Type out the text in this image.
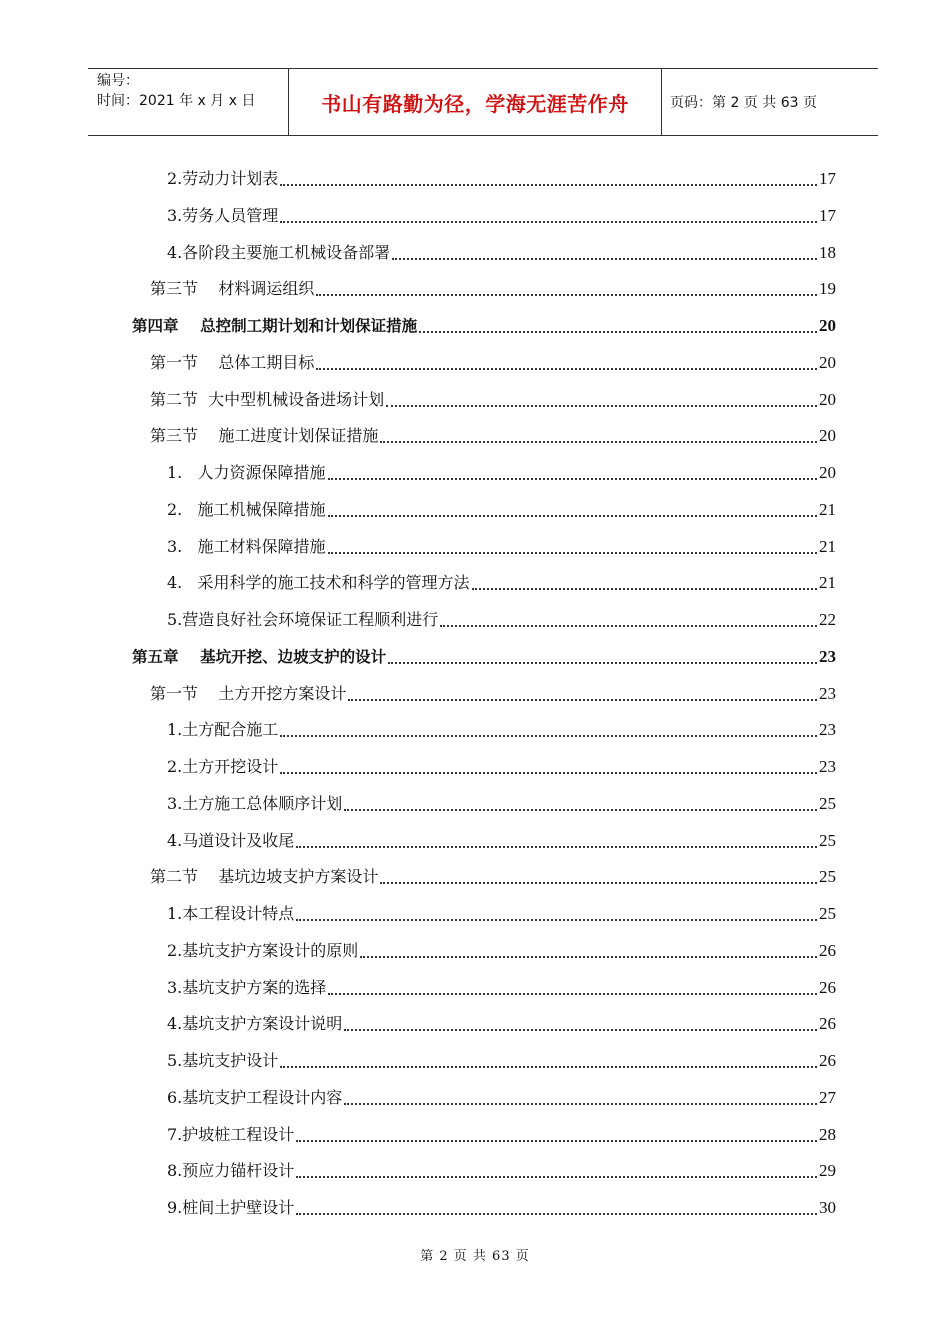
编号：
时间：2021 年 x 月 x 日	书山有路勤为径，学海无涯苦作舟	页码：第 2 页 共 63 页
2.劳动力计划表	17
3.劳务人员管理	17
4.各阶段主要施工机械设备部署	18
第三节    材料调运组织	19
第四章    总控制工期计划和计划保证措施	20
第一节    总体工期目标	20
第二节  大中型机械设备进场计划	20
第三节    施工进度计划保证措施	20
1.   人力资源保障措施	20
2.   施工机械保障措施	21
3.   施工材料保障措施	21
4.   采用科学的施工技术和科学的管理方法	21
5.营造良好社会环境保证工程顺利进行	22
第五章    基坑开挖、边坡支护的设计	23
第一节    土方开挖方案设计	23
1.土方配合施工	23
2.土方开挖设计	23
3.土方施工总体顺序计划	25
4.马道设计及收尾	25
第二节    基坑边坡支护方案设计	25
1.本工程设计特点	25
2.基坑支护方案设计的原则	26
3.基坑支护方案的选择	26
4.基坑支护方案设计说明	26
5.基坑支护设计	26
6.基坑支护工程设计内容	27
7.护坡桩工程设计	28
8.预应力锚杆设计	29
9.桩间土护壁设计	30
第 2 页 共 63 页
